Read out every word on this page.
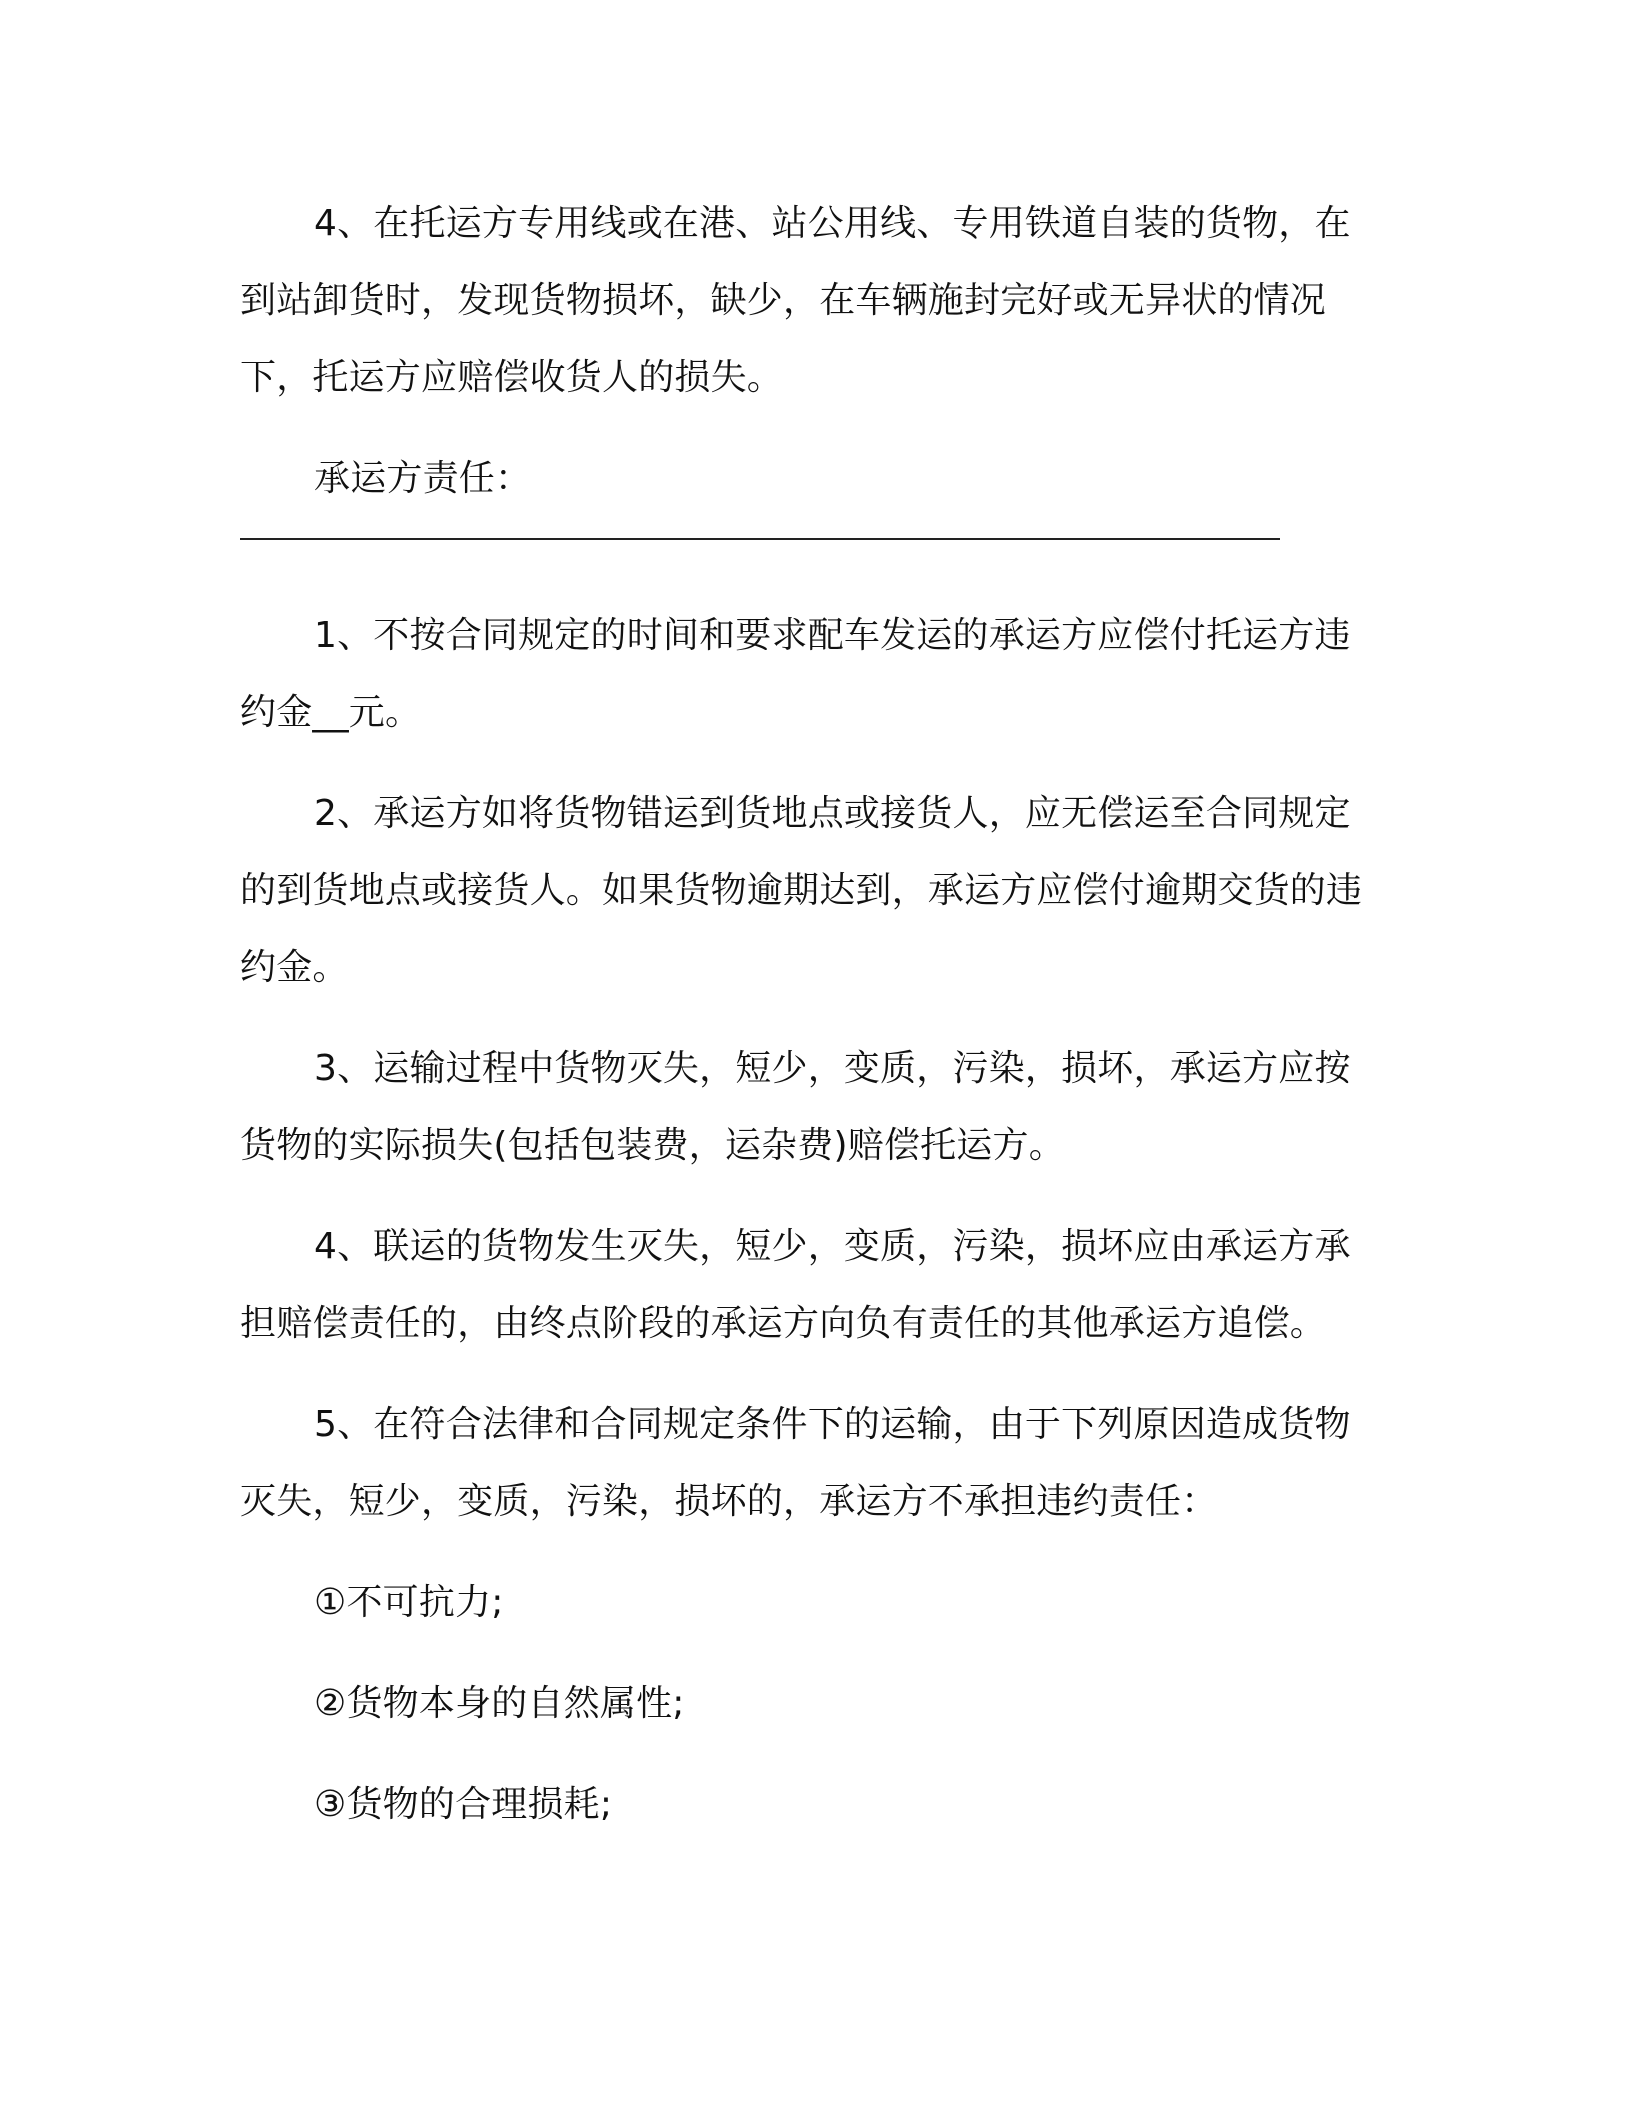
4、在托运方专用线或在港、站公用线、专用铁道自装的货物，在到站卸货时，发现货物损坏，缺少，在车辆施封完好或无异状的情况下，托运方应赔偿收货人的损失。

承运方责任：

1、不按合同规定的时间和要求配车发运的承运方应偿付托运方违约金__元。

2、承运方如将货物错运到货地点或接货人，应无偿运至合同规定的到货地点或接货人。如果货物逾期达到，承运方应偿付逾期交货的违约金。

3、运输过程中货物灭失，短少，变质，污染，损坏，承运方应按货物的实际损失(包括包装费，运杂费)赔偿托运方。

4、联运的货物发生灭失，短少，变质，污染，损坏应由承运方承担赔偿责任的，由终点阶段的承运方向负有责任的其他承运方追偿。

5、在符合法律和合同规定条件下的运输，由于下列原因造成货物灭失，短少，变质，污染，损坏的，承运方不承担违约责任：

①不可抗力;

②货物本身的自然属性;

③货物的合理损耗;
